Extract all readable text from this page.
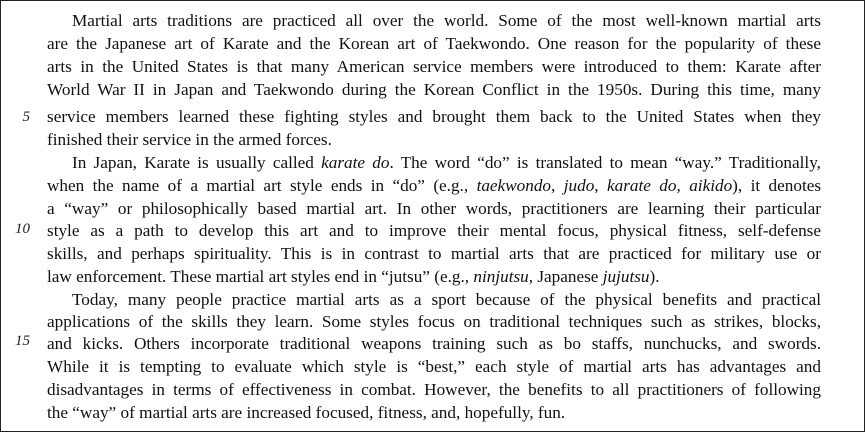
5
10
15
Martial arts traditions are practiced all over the world. Some of the most well-known martial arts
are the Japanese art of Karate and the Korean art of Taekwondo. One reason for the popularity of these
arts in the United States is that many American service members were introduced to them: Karate after
World War II in Japan and Taekwondo during the Korean Conflict in the 1950s. During this time, many
service members learned these fighting styles and brought them back to the United States when they
finished their service in the armed forces.
In Japan, Karate is usually called karate do. The word “do” is translated to mean “way.” Traditionally,
when the name of a martial art style ends in “do” (e.g., taekwondo, judo, karate do, aikido), it denotes
a “way” or philosophically based martial art. In other words, practitioners are learning their particular
style as a path to develop this art and to improve their mental focus, physical fitness, self-defense
skills, and perhaps spirituality. This is in contrast to martial arts that are practiced for military use or
law enforcement. These martial art styles end in “jutsu” (e.g., ninjutsu, Japanese jujutsu).
Today, many people practice martial arts as a sport because of the physical benefits and practical
applications of the skills they learn. Some styles focus on traditional techniques such as strikes, blocks,
and kicks. Others incorporate traditional weapons training such as bo staffs, nunchucks, and swords.
While it is tempting to evaluate which style is “best,” each style of martial arts has advantages and
disadvantages in terms of effectiveness in combat. However, the benefits to all practitioners of following
the “way” of martial arts are increased focused, fitness, and, hopefully, fun.
